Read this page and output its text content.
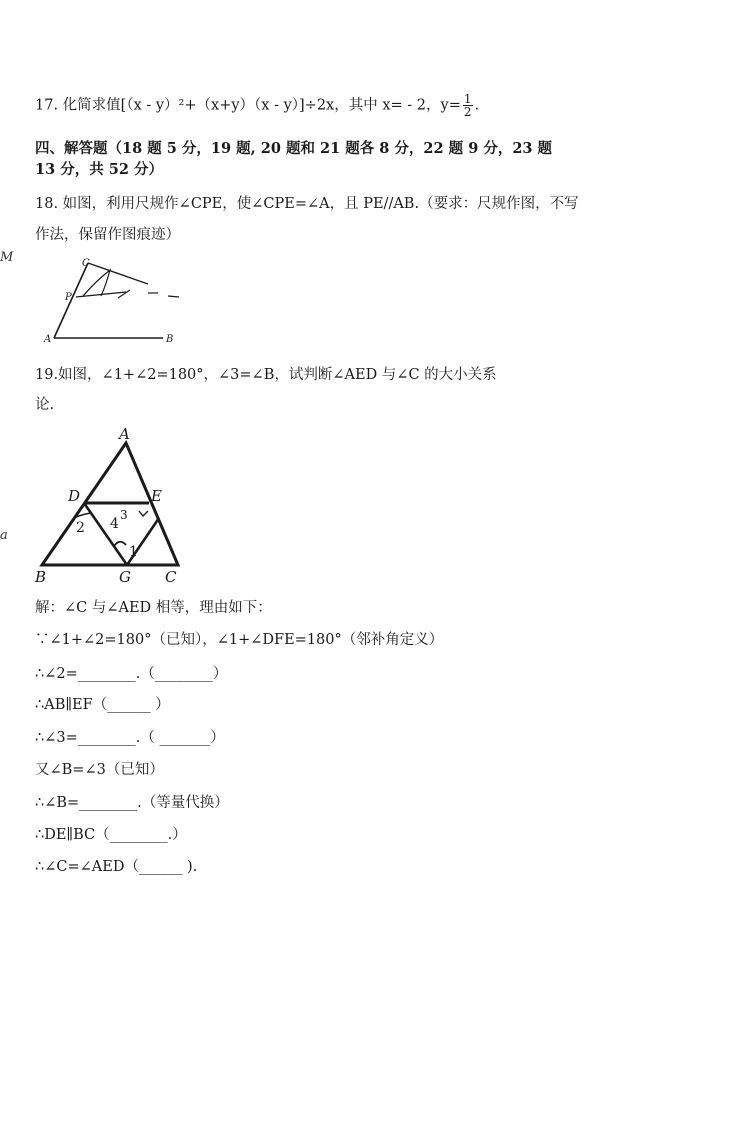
M
a
17. 化简求值[（x - y）²+（x+y）（x - y）]÷2x，其中 x= - 2，$y= \frac{1}{2}$ .
四、解答题（18 题 5 分，19 题, 20 题和 21 题各 8 分，22 题 9 分，23 题
13 分，共 52 分）
18. 如图，利用尺规作∠CPE，使∠CPE=∠A，且 PE//AB.（要求：尺规作图，不写
作法，保留作图痕迹）
C
P
A	B
19.如图，∠1+∠2=180°，∠3=∠B，试判断∠AED 与∠C 的大小关系
论.
A
D	E
B	G C
2 4
3
1
解：∠C 与∠AED 相等，理由如下：
∵∠1+∠2=180°（已知），∠1+∠DFE=180°（邻补角定义）
∴∠2=________.（________）
∴AB∥EF（______ ）
∴∠3=________.（ _______）
又∠B=∠3（已知）
∴∠B=________.（等量代换）
∴DE∥BC（________.）
∴∠C=∠AED（______ ).
